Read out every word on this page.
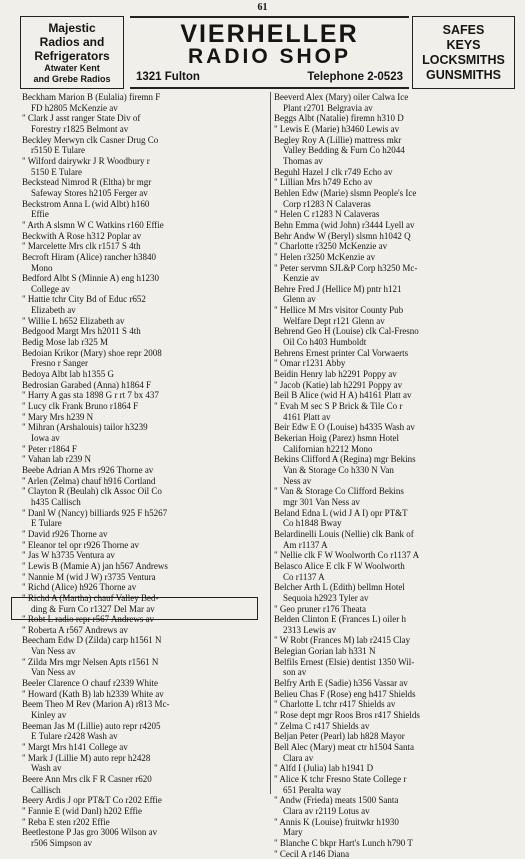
61
Majestic
Radios and
Refrigerators
Atwater Kent
and Grebe Radios
VIERHELLER
RADIO SHOP
1321 Fulton	Telephone 2-0523
SAFES
KEYS
LOCKSMITHS
GUNSMITHS
Beckham Marion B (Eulalia) firemn F
FD h2805 McKenzie av
" Clark J asst ranger State Div of
Forestry r1825 Belmont av
Beckley Merwyn clk Casner Drug Co
r5150 E Tulare
" Wilford dairywkr J R Woodbury r
5150 E Tulare
Beckstead Nimrod R (Eltha) br mgr
Safeway Stores h2105 Ferger av
Beckstrom Anna L (wid Albt) h160
Effie
" Arth A slsmn W C Watkins r160 Effie
Beckwith A Rose h312 Poplar av
" Marcelette Mrs clk r1517 S 4th
Becroft Hiram (Alice) rancher h3840
Mono
Bedford Albt S (Minnie A) eng h1230
College av
" Hattie tchr City Bd of Educ r652
Elizabeth av
" Willie L h652 Elizabeth av
Bedgood Margt Mrs h2011 S 4th
Bedig Mose lab r325 M
Bedoian Krikor (Mary) shoe repr 2008
Fresno r Sanger
Bedoya Albt lab h1355 G
Bedrosian Garabed (Anna) h1864 F
" Harry A gas sta 1898 G r rt 7 bx 437
" Lucy clk Frank Bruno r1864 F
" Mary Mrs h239 N
" Mihran (Arshalouis) tailor h3239
Iowa av
" Peter r1864 F
" Vahan lab r239 N
Beebe Adrian A Mrs r926 Thorne av
" Arlen (Zelma) chauf h916 Cortland
" Clayton R (Beulah) clk Assoc Oil Co
h435 Callisch
" Danl W (Nancy) billiards 925 F h5267
E Tulare
" David r926 Thorne av
" Eleanor tel opr r926 Thorne av
" Jas W h3735 Ventura av
" Lewis B (Mamie A) jan h567 Andrews
" Nannie M (wid J W) r3735 Ventura
" Richd (Alice) h926 Thorne av
" Richd A (Martha) chauf Valley Bed-
ding & Furn Co r1327 Del Mar av
" Robt L radio repr r567 Andrews av
" Roberta A r567 Andrews av
Beecham Edw D (Zilda) carp h1561 N
Van Ness av
" Zilda Mrs mgr Nelsen Apts r1561 N
Van Ness av
Beeler Clarence O chauf r2339 White
" Howard (Kath B) lab h2339 White av
Beem Theo M Rev (Marion A) r813 Mc-
Kinley av
Beeman Jas M (Lillie) auto repr r4205
E Tulare r2428 Wash av
" Margt Mrs h141 College av
" Mark J (Lillie M) auto repr h2428
Wash av
Beere Ann Mrs clk F R Casner r620
Callisch
Beery Ardis J opr PT&T Co r202 Effie
" Fannie E (wid Danl) h202 Effie
" Reba E sten r202 Effie
Beetlestone P Jas gro 3006 Wilson av
r506 Simpson av
Beeverd Alex (Mary) oiler Calwa Ice
Plant r2701 Belgravia av
Beggs Albt (Natalie) firemn h310 D
" Lewis E (Marie) h3460 Lewis av
Begley Roy A (Lillie) mattress mkr
Valley Bedding & Furn Co h2044
Thomas av
Beguhl Hazel J clk r749 Echo av
" Lillian Mrs h749 Echo av
Behlen Edw (Marie) slsmn People's Ice
Corp r1283 N Calaveras
" Helen C r1283 N Calaveras
Behn Emma (wid John) r3444 Lyell av
Behr Andw W (Beryl) slsmn h1042 Q
" Charlotte r3250 McKenzie av
" Helen r3250 McKenzie av
" Peter servmn SJL&P Corp h3250 Mc-
Kenzie av
Behre Fred J (Hellice M) pntr h121
Glenn av
" Hellice M Mrs visitor County Pub
Welfare Dept r121 Glenn av
Behrend Geo H (Louise) clk Cal-Fresno
Oil Co h403 Humboldt
Behrens Ernest printer Cal Vorwaerts
" Omar r1231 Abby
Beidin Henry lab h2291 Poppy av
" Jacob (Katie) lab h2291 Poppy av
Beil B Alice (wid H A) h4161 Platt av
" Evah M sec S P Brick & Tile Co r
4161 Platt av
Beir Edw E O (Louise) h4335 Wash av
Bekerian Hoig (Parez) hsmn Hotel
Californian h2212 Mono
Bekins Clifford A (Regina) mgr Bekins
Van & Storage Co h330 N Van
Ness av
" Van & Storage Co Clifford Bekins
mgr 301 Van Ness av
Beland Edna L (wid J A I) opr PT&T
Co h1848 Bway
Belardinelli Louis (Nellie) clk Bank of
Am r1137 A
" Nellie clk F W Woolworth Co r1137 A
Belasco Alice E clk F W Woolworth
Co r1137 A
Belcher Arth L (Edith) bellmn Hotel
Sequoia h2923 Tyler av
" Geo pruner r176 Theata
Belden Clinton E (Frances L) oiler h
2313 Lewis av
" W Robt (Frances M) lab r2415 Clay
Belegian Gorian lab h331 N
Belfils Ernest (Elsie) dentist 1350 Wil-
son av
Belfry Arth E (Sadie) h356 Vassar av
Belieu Chas F (Rose) eng h417 Shields
" Charlotte L tchr r417 Shields av
" Rose dept mgr Roos Bros r417 Shields
" Zelma C r417 Shields av
Beljan Peter (Pearl) lab h828 Mayor
Bell Alec (Mary) meat ctr h1504 Santa
Clara av
" Alfd I (Julia) lab h1941 D
" Alice K tchr Fresno State College r
651 Peralta way
" Andw (Frieda) meats 1500 Santa
Clara av r2119 Lotus av
" Annis K (Louise) fruitwkr h1930
Mary
" Blanche C bkpr Hart's Lunch h790 T
" Cecil A r146 Diana
